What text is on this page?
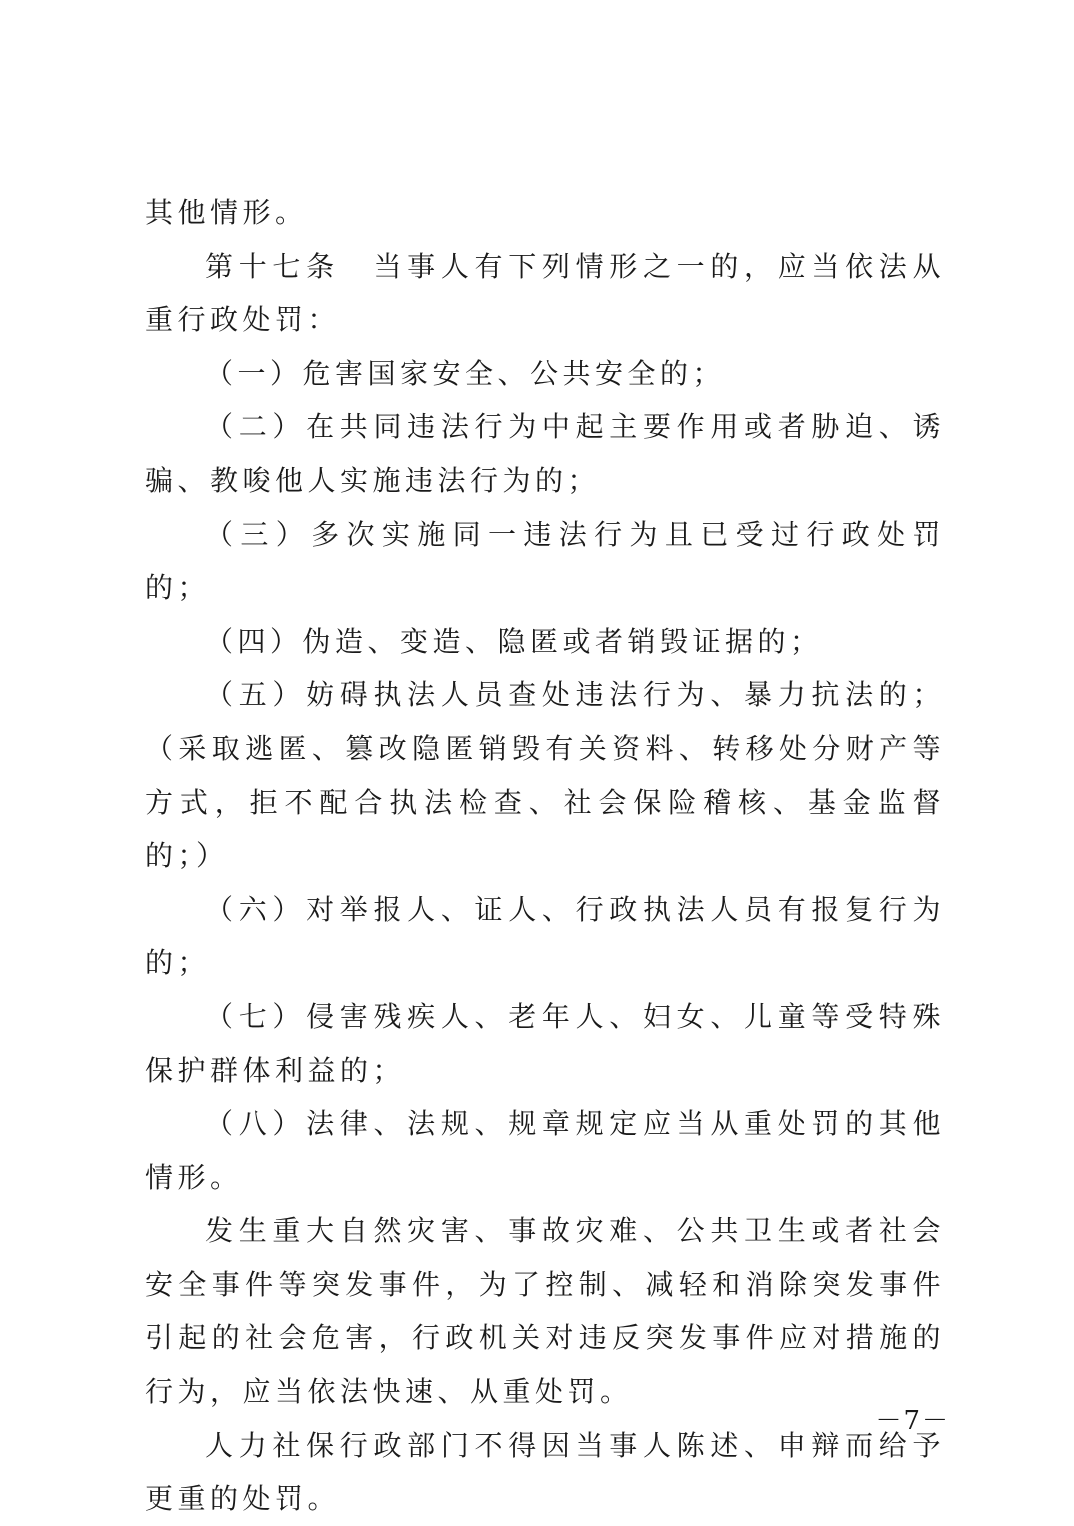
其他情形。

第十七条　当事人有下列情形之一的，应当依法从重行政处罚：

（一）危害国家安全、公共安全的；

（二）在共同违法行为中起主要作用或者胁迫、诱骗、教唆他人实施违法行为的；

（三）多次实施同一违法行为且已受过行政处罚的；

（四）伪造、变造、隐匿或者销毁证据的；

（五）妨碍执法人员查处违法行为、暴力抗法的；（采取逃匿、篡改隐匿销毁有关资料、转移处分财产等方式，拒不配合执法检查、社会保险稽核、基金监督的；）

（六）对举报人、证人、行政执法人员有报复行为的；

（七）侵害残疾人、老年人、妇女、儿童等受特殊保护群体利益的；

（八）法律、法规、规章规定应当从重处罚的其他情形。

发生重大自然灾害、事故灾难、公共卫生或者社会安全事件等突发事件，为了控制、减轻和消除突发事件引起的社会危害，行政机关对违反突发事件应对措施的行为，应当依法快速、从重处罚。

人力社保行政部门不得因当事人陈述、申辩而给予更重的处罚。

－7－
